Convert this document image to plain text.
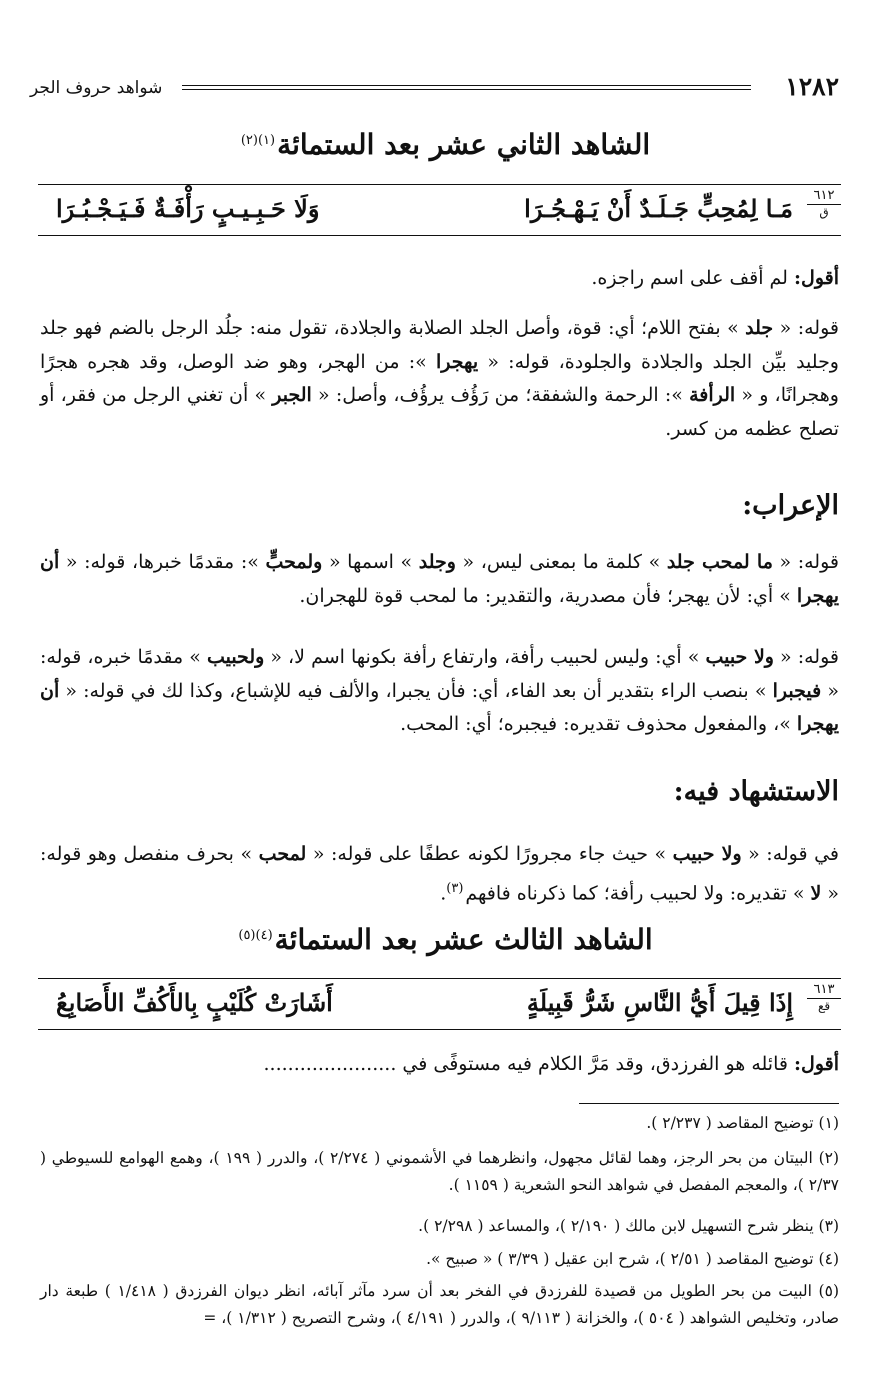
١٢٨٢
شواهد حروف الجر
الشاهد الثاني عشر بعد الستمائة$^{(١)(٢)}$
٦١٢
ق
مَـا لِمُحِبٍّ جَـلَـدٌ أَنْ يَـهْـجُـرَا
وَلَا حَـبِـيـبٍ رَأْفَـةٌ فَـيَـجْـبُـرَا
أقول: لم أقف على اسم راجزه.
قوله: « جلد » بفتح اللام؛ أي: قوة، وأصل الجلد الصلابة والجلادة، تقول منه: جلُد الرجل بالضم فهو جلد وجليد بيِّن الجلد والجلادة والجلودة، قوله: « يهجرا »: من الهجر، وهو ضد الوصل، وقد هجره هجرًا وهجرانًا، و « الرأفة »: الرحمة والشفقة؛ من رَؤُف يرؤُف، وأصل: « الجبر » أن تغني الرجل من فقر، أو تصلح عظمه من كسر.
الإعراب:
قوله: « ما لمحب جلد » كلمة ما بمعنى ليس، « وجلد » اسمها « ولمحبٍّ »: مقدمًا خبرها، قوله: « أن يهجرا » أي: لأن يهجر؛ فأن مصدرية، والتقدير: ما لمحب قوة للهجران.
قوله: « ولا حبيب » أي: وليس لحبيب رأفة، وارتفاع رأفة بكونها اسم لا، « ولحبيب » مقدمًا خبره، قوله: « فيجبرا » بنصب الراء بتقدير أن بعد الفاء، أي: فأن يجبرا، والألف فيه للإشباع، وكذا لك في قوله: « أن يهجرا »، والمفعول محذوف تقديره: فيجبره؛ أي: المحب.
الاستشهاد فيه:
في قوله: « ولا حبيب » حيث جاء مجرورًا لكونه عطفًا على قوله: « لمحب » بحرف منفصل وهو قوله: « لا » تقديره: ولا لحبيب رأفة؛ كما ذكرناه فافهم$^{(٣)}$.
الشاهد الثالث عشر بعد الستمائة$^{(٤)(٥)}$
٦١٣
قع
إِذَا قِيلَ أَيُّ النَّاسِ شَرُّ قَبِيلَةٍ
أَشَارَتْ كُلَيْبٍ بِالأَكُفِّ الأَصَابِعُ
أقول: قائله هو الفرزدق، وقد مَرَّ الكلام فيه مستوفًى في ......................
(١) توضيح المقاصد ( ٢/٢٣٧ ).
(٢) البيتان من بحر الرجز، وهما لقائل مجهول، وانظرهما في الأشموني ( ٢/٢٧٤ )، والدرر ( ١٩٩ )، وهمع الهوامع للسيوطي ( ٢/٣٧ )، والمعجم المفصل في شواهد النحو الشعرية ( ١١٥٩ ).
(٣) ينظر شرح التسهيل لابن مالك ( ٢/١٩٠ )، والمساعد ( ٢/٢٩٨ ).
(٤) توضيح المقاصد ( ٢/٥١ )، شرح ابن عقيل ( ٣/٣٩ ) « صبيح ».
(٥) البيت من بحر الطويل من قصيدة للفرزدق في الفخر بعد أن سرد مآثر آبائه، انظر ديوان الفرزدق ( ١/٤١٨ ) طبعة دار صادر، وتخليص الشواهد ( ٥٠٤ )، والخزانة ( ٩/١١٣ )، والدرر ( ٤/١٩١ )، وشرح التصريح ( ١/٣١٢ )، =
